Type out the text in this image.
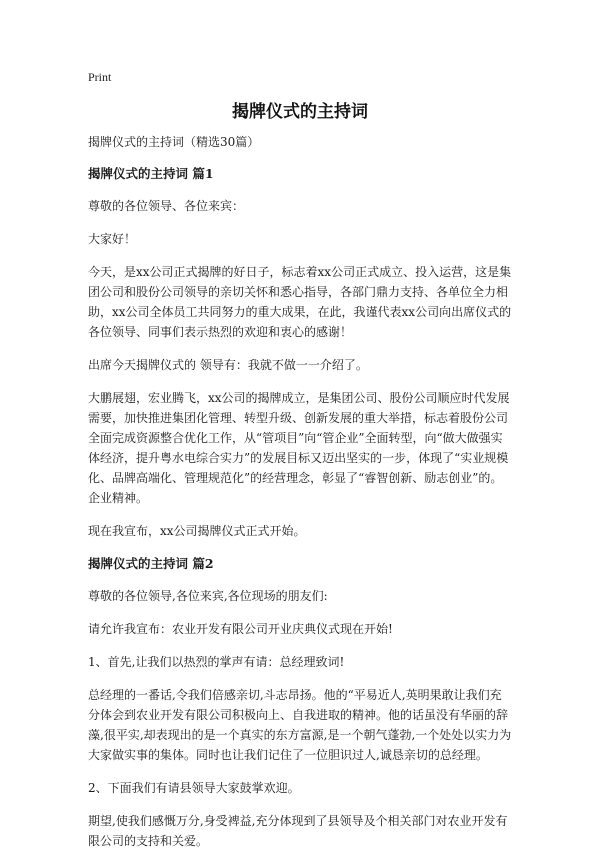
Print
揭牌仪式的主持词

揭牌仪式的主持词（精选30篇）

揭牌仪式的主持词 篇1

尊敬的各位领导、各位来宾：

大家好！

今天，是xx公司正式揭牌的好日子，标志着xx公司正式成立、投入运营，这是集团公司和股份公司领导的亲切关怀和悉心指导，各部门鼎力支持、各单位全力相助，xx公司全体员工共同努力的重大成果，在此，我谨代表xx公司向出席仪式的各位领导、同事们表示热烈的欢迎和衷心的感谢！

出席今天揭牌仪式的 领导有：我就不做一一介绍了。

大鹏展翅，宏业腾飞，xx公司的揭牌成立，是集团公司、股份公司顺应时代发展需要，加快推进集团化管理、转型升级、创新发展的重大举措，标志着股份公司全面完成资源整合优化工作，从“管项目”向“管企业”全面转型，向“做大做强实体经济，提升粤水电综合实力”的发展目标又迈出坚实的一步，体现了“实业规模化、品牌高端化、管理规范化”的经营理念，彰显了“睿智创新、励志创业”的。企业精神。

现在我宣布，xx公司揭牌仪式正式开始。

揭牌仪式的主持词 篇2

尊敬的各位领导,各位来宾,各位现场的朋友们:

请允许我宣布：农业开发有限公司开业庆典仪式现在开始!

1、首先,让我们以热烈的掌声有请：总经理致词!

总经理的一番话,令我们倍感亲切,斗志昂扬。他的“平易近人,英明果敢让我们充分体会到农业开发有限公司积极向上、自我进取的精神。他的话虽没有华丽的辞藻,很平实,却表现出的是一个真实的东方富源,是一个朝气蓬勃,一个处处以实力为大家做实事的集体。同时也让我们记住了一位胆识过人,诚恳亲切的总经理。

2、下面我们有请县领导大家鼓掌欢迎。

期望,使我们感慨万分,身受裨益,充分体现到了县领导及个相关部门对农业开发有限公司的支持和关爱。
